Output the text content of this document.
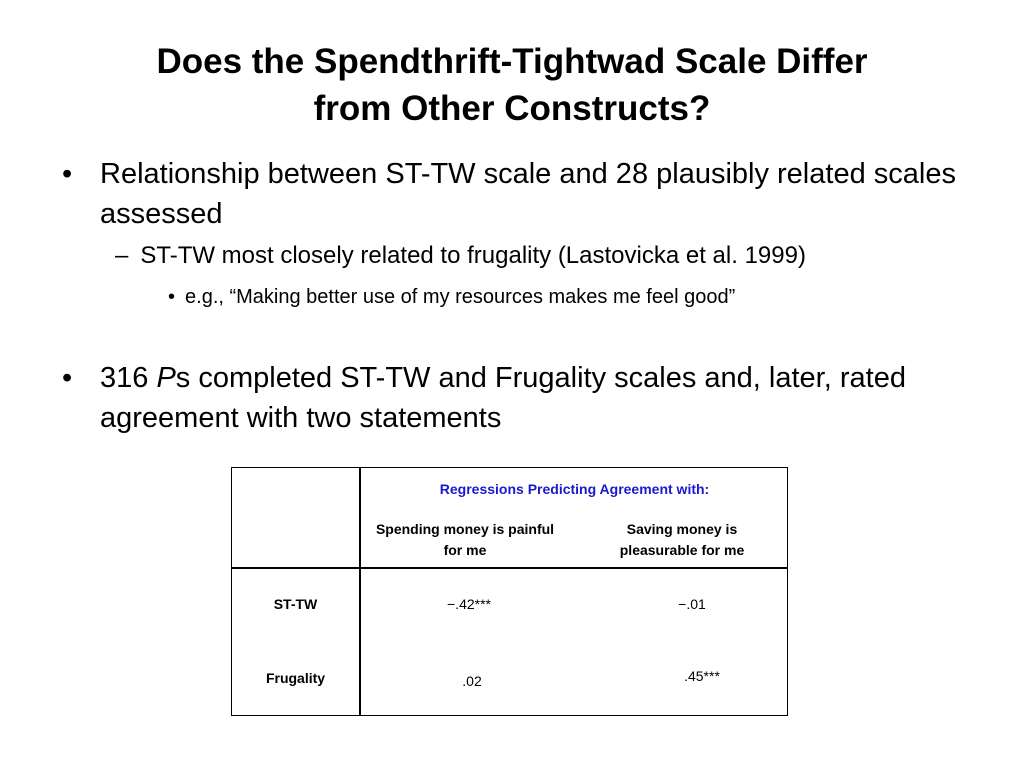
Does the Spendthrift-Tightwad Scale Differ
from Other Constructs?
• Relationship between ST-TW scale and 28 plausibly related scales assessed
– ST-TW most closely related to frugality (Lastovicka et al. 1999)
• e.g., “Making better use of my resources makes me feel good”
• 316 Ps completed ST-TW and Frugality scales and, later, rated agreement with two statements
Regressions Predicting Agreement with:
Spending money is painful for me
Saving money is pleasurable for me
ST-TW
Frugality
−.42***	−.01
.02	.45***
